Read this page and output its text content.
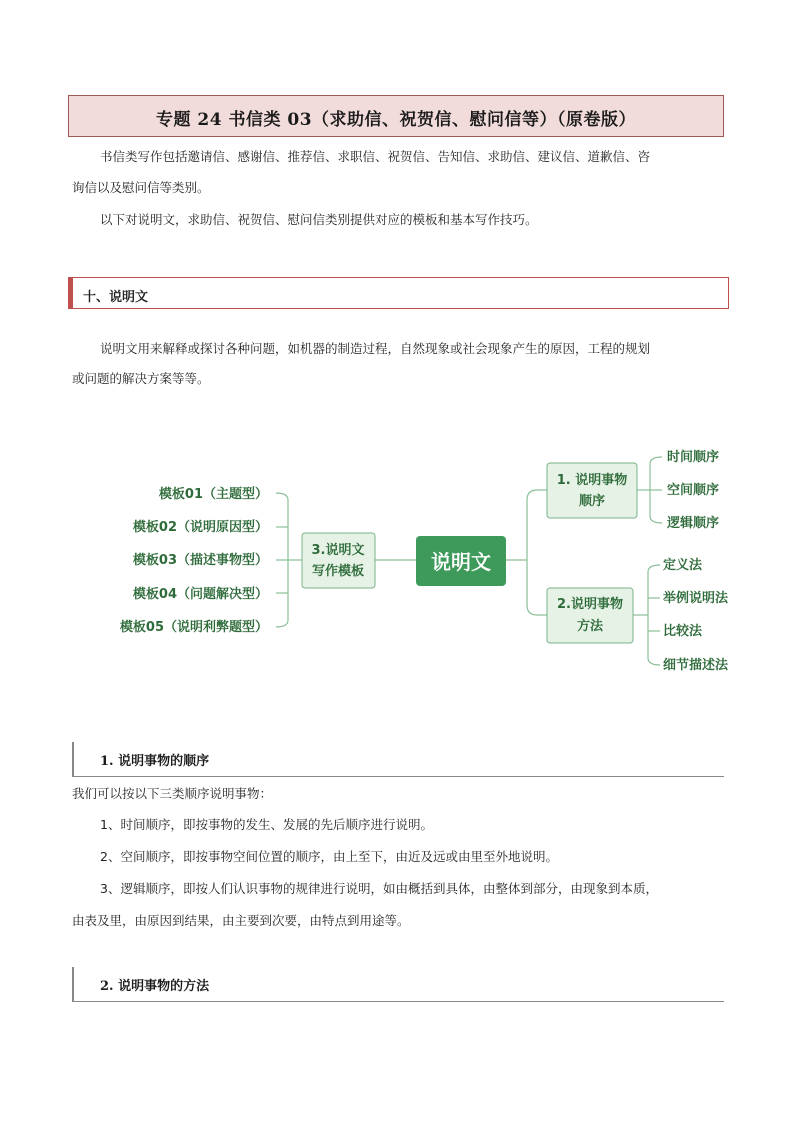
专题 24 书信类 03（求助信、祝贺信、慰问信等）（原卷版）
书信类写作包括邀请信、感谢信、推荐信、求职信、祝贺信、告知信、求助信、建议信、道歉信、咨
询信以及慰问信等类别。
以下对说明文，求助信、祝贺信、慰问信类别提供对应的模板和基本写作技巧。
十、说明文
说明文用来解释或探讨各种问题，如机器的制造过程，自然现象或社会现象产生的原因，工程的规划
或问题的解决方案等等。
模板01（主题型）
模板02（说明原因型）
模板03（描述事物型）
模板04（问题解决型）
模板05（说明利弊题型）
3.说明文
写作模板	说明文
1. 说明事物
顺序
时间顺序
空间顺序
逻辑顺序
2.说明事物
方法
定义法
举例说明法
比较法
细节描述法
1. 说明事物的顺序
我们可以按以下三类顺序说明事物：
1、时间顺序，即按事物的发生、发展的先后顺序进行说明。
2、空间顺序，即按事物空间位置的顺序，由上至下，由近及远或由里至外地说明。
3、逻辑顺序，即按人们认识事物的规律进行说明，如由概括到具体，由整体到部分，由现象到本质，
由表及里，由原因到结果，由主要到次要，由特点到用途等。
2. 说明事物的方法
